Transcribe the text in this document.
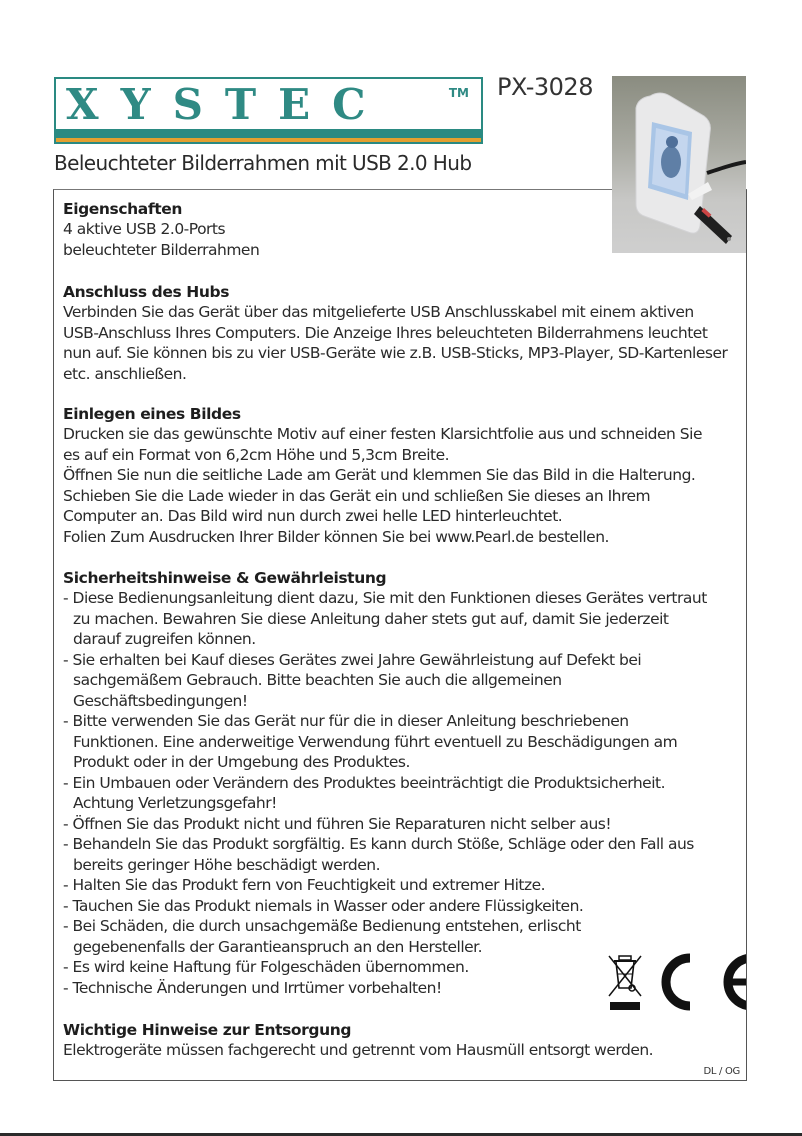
XYSTEC	TM PX-3028
Beleuchteter Bilderrahmen mit USB 2.0 Hub
Eigenschaften
4 aktive USB 2.0-Ports
beleuchteter Bilderrahmen
Anschluss des Hubs
Verbinden Sie das Gerät über das mitgelieferte USB Anschlusskabel mit einem aktiven
USB-Anschluss Ihres Computers. Die Anzeige Ihres beleuchteten Bilderrahmens leuchtet
nun auf. Sie können bis zu vier USB-Geräte wie z.B. USB-Sticks, MP3-Player, SD-Kartenleser
etc. anschließen.
Einlegen eines Bildes
Drucken sie das gewünschte Motiv auf einer festen Klarsichtfolie aus und schneiden Sie
es auf ein Format von 6,2cm Höhe und 5,3cm Breite.
Öffnen Sie nun die seitliche Lade am Gerät und klemmen Sie das Bild in die Halterung.
Schieben Sie die Lade wieder in das Gerät ein und schließen Sie dieses an Ihrem
Computer an. Das Bild wird nun durch zwei helle LED hinterleuchtet.
Folien Zum Ausdrucken Ihrer Bilder können Sie bei www.Pearl.de bestellen.
Sicherheitshinweise & Gewährleistung
- Diese Bedienungsanleitung dient dazu, Sie mit den Funktionen dieses Gerätes vertraut
zu machen. Bewahren Sie diese Anleitung daher stets gut auf, damit Sie jederzeit
darauf zugreifen können.
- Sie erhalten bei Kauf dieses Gerätes zwei Jahre Gewährleistung auf Defekt bei
sachgemäßem Gebrauch. Bitte beachten Sie auch die allgemeinen
Geschäftsbedingungen!
- Bitte verwenden Sie das Gerät nur für die in dieser Anleitung beschriebenen
Funktionen. Eine anderweitige Verwendung führt eventuell zu Beschädigungen am
Produkt oder in der Umgebung des Produktes.
- Ein Umbauen oder Verändern des Produktes beeinträchtigt die Produktsicherheit.
Achtung Verletzungsgefahr!
- Öffnen Sie das Produkt nicht und führen Sie Reparaturen nicht selber aus!
- Behandeln Sie das Produkt sorgfältig. Es kann durch Stöße, Schläge oder den Fall aus
bereits geringer Höhe beschädigt werden.
- Halten Sie das Produkt fern von Feuchtigkeit und extremer Hitze.
- Tauchen Sie das Produkt niemals in Wasser oder andere Flüssigkeiten.
- Bei Schäden, die durch unsachgemäße Bedienung entstehen, erlischt
gegebenenfalls der Garantieanspruch an den Hersteller.
- Es wird keine Haftung für Folgeschäden übernommen.
- Technische Änderungen und Irrtümer vorbehalten!
Wichtige Hinweise zur Entsorgung
Elektrogeräte müssen fachgerecht und getrennt vom Hausmüll entsorgt werden.
DL / OG
